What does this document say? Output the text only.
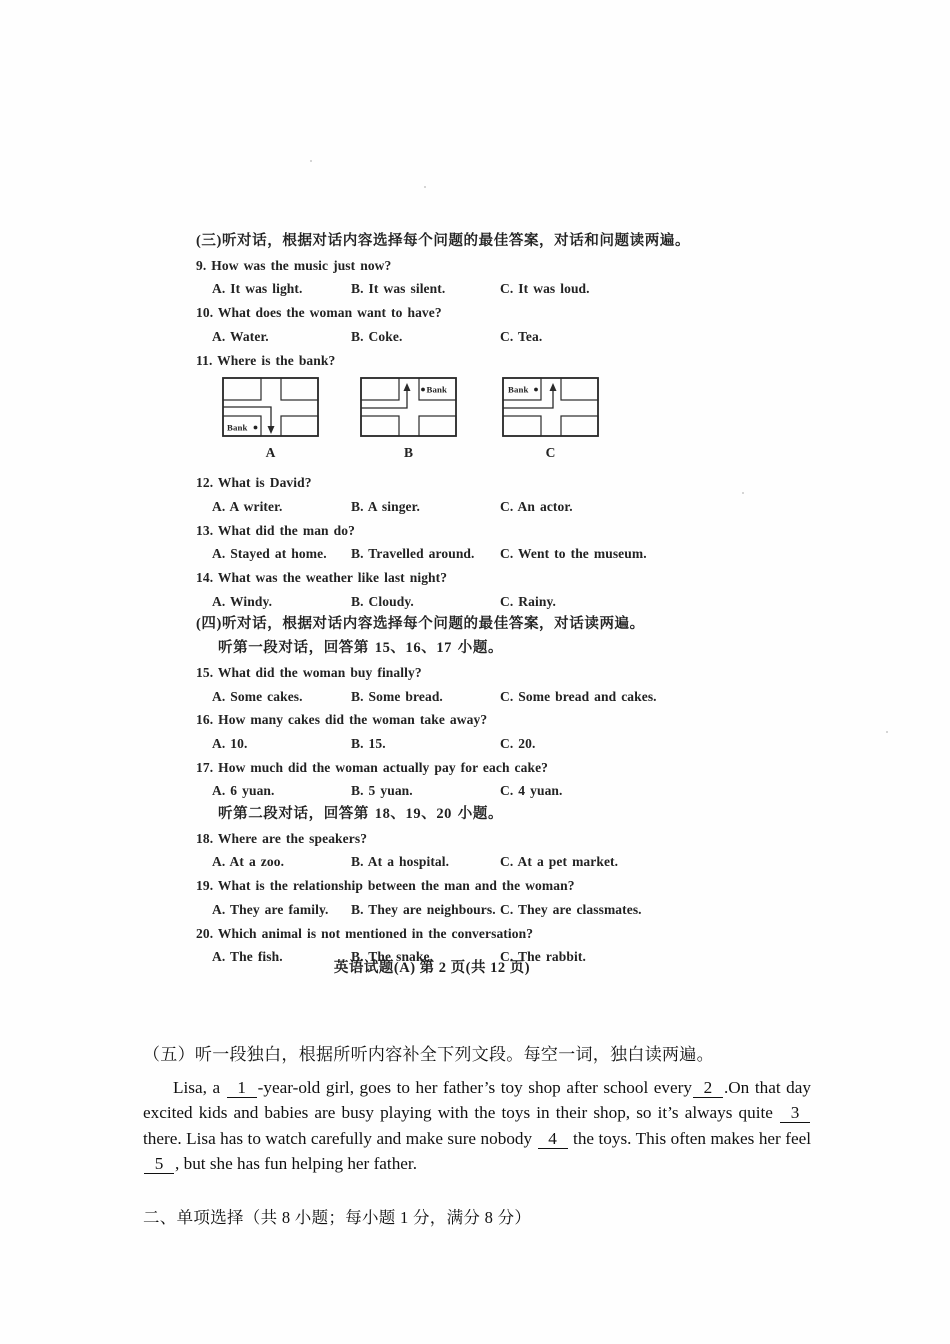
(三)听对话，根据对话内容选择每个问题的最佳答案，对话和问题读两遍。

9. How was the music just now?

A. It was light.	B. It was silent.	C. It was loud.

10. What does the woman want to have?

A. Water.	B. Coke.	C. Tea.

11. Where is the bank?

Bank
A
Bank
B
Bank
C

12. What is David?

A. A writer.	B. A singer.	C. An actor.

13. What did the man do?

A. Stayed at home.	B. Travelled around.	C. Went to the museum.

14. What was the weather like last night?

A. Windy.	B. Cloudy.	C. Rainy.

(四)听对话，根据对话内容选择每个问题的最佳答案，对话读两遍。

听第一段对话，回答第 15、16、17 小题。

15. What did the woman buy finally?

A. Some cakes.	B. Some bread.	C. Some bread and cakes.

16. How many cakes did the woman take away?

A. 10.	B. 15.	C. 20.

17. How much did the woman actually pay for each cake?

A. 6 yuan.	B. 5 yuan.	C. 4 yuan.

听第二段对话，回答第 18、19、20 小题。

18. Where are the speakers?

A. At a zoo.	B. At a hospital.	C. At a pet market.

19. What is the relationship between the man and the woman?

A. They are family.	B. They are neighbours. C. They are classmates.

20. Which animal is not mentioned in the conversation?

A. The fish.	B. The snake.	C. The rabbit.

英语试题(A) 第 2 页(共 12 页)

（五）听一段独白，根据所听内容补全下列文段。每空一词，独白读两遍。

Lisa, a 1 -year-old girl, goes to her father’s toy shop after school every 2 .On that day excited kids and babies are busy playing with the toys in their shop, so it’s always quite 3 there. Lisa has to watch carefully and make sure nobody 4 the toys. This often makes her feel 5 , but she has fun helping her father.

二、单项选择（共 8 小题；每小题 1 分，满分 8 分）
